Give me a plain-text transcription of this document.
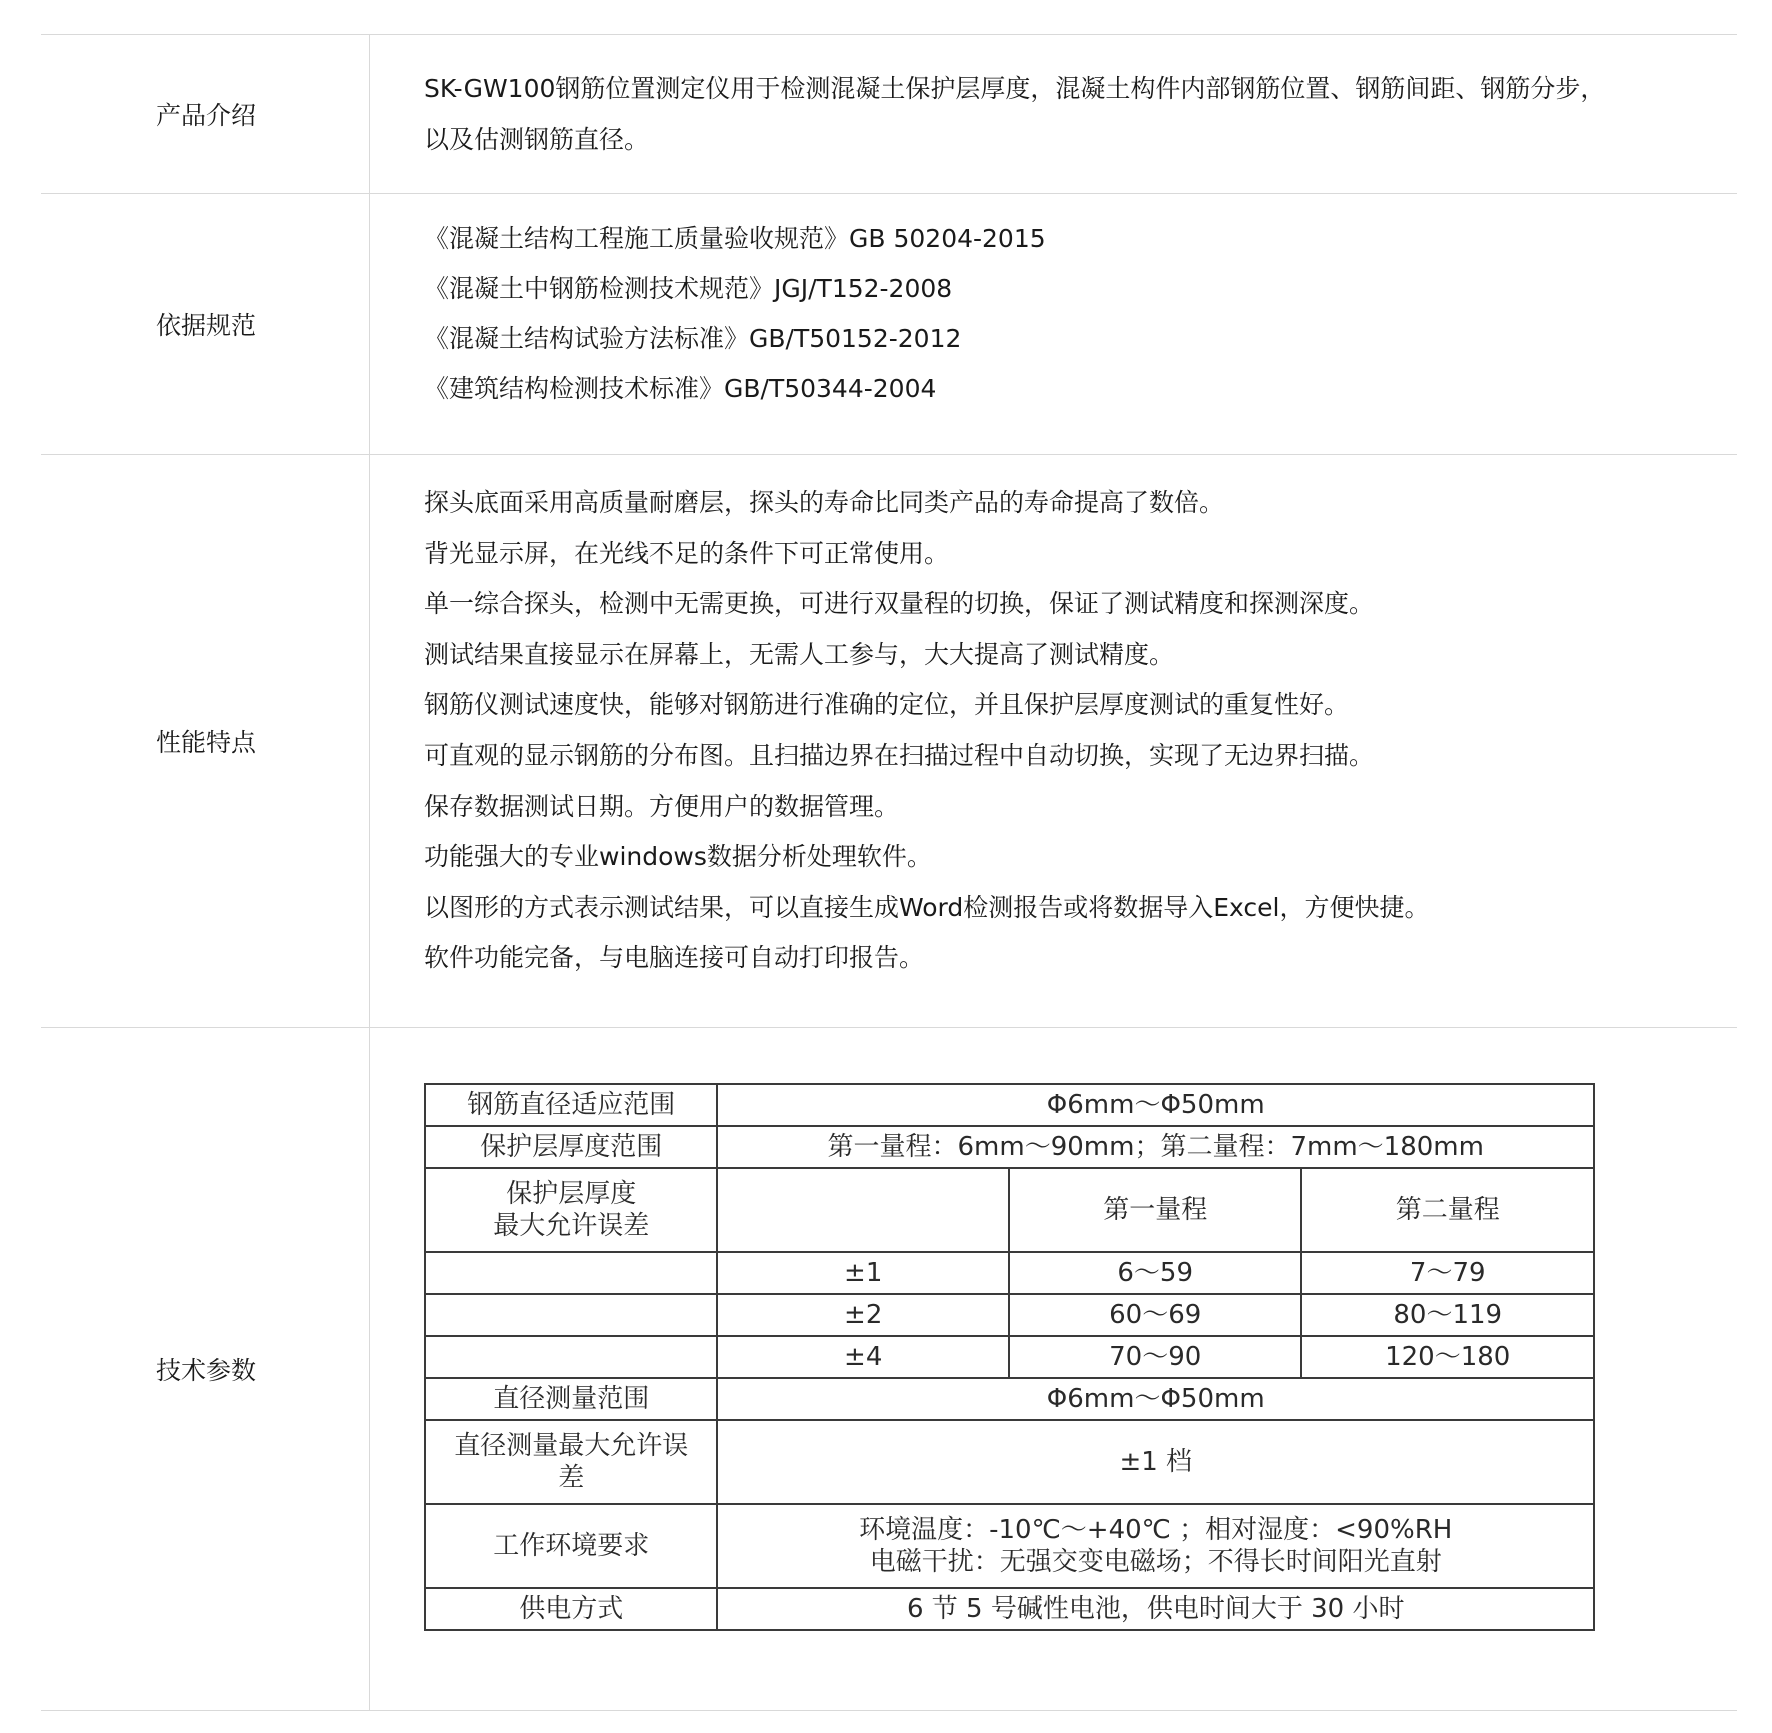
产品介绍
SK-GW100钢筋位置测定仪用于检测混凝土保护层厚度，混凝土构件内部钢筋位置、钢筋间距、钢筋分步，
以及估测钢筋直径。
依据规范
《混凝土结构工程施工质量验收规范》GB 50204-2015
《混凝土中钢筋检测技术规范》JGJ/T152-2008
《混凝土结构试验方法标准》GB/T50152-2012
《建筑结构检测技术标准》GB/T50344-2004
性能特点
探头底面采用高质量耐磨层，探头的寿命比同类产品的寿命提高了数倍。
背光显示屏，在光线不足的条件下可正常使用。
单一综合探头，检测中无需更换，可进行双量程的切换，保证了测试精度和探测深度。
测试结果直接显示在屏幕上，无需人工参与，大大提高了测试精度。
钢筋仪测试速度快，能够对钢筋进行准确的定位，并且保护层厚度测试的重复性好。
可直观的显示钢筋的分布图。且扫描边界在扫描过程中自动切换，实现了无边界扫描。
保存数据测试日期。方便用户的数据管理。
功能强大的专业windows数据分析处理软件。
以图形的方式表示测试结果，可以直接生成Word检测报告或将数据导入Excel，方便快捷。
软件功能完备，与电脑连接可自动打印报告。
技术参数
钢筋直径适应范围	Φ6mm～Φ50mm		
保护层厚度范围	第一量程：6mm～90mm；第二量程：7mm～180mm		

保护层厚度
最大允许误差		第一量程	第二量程
	±1	6～59	7～79
	±2	60～69	80～119
	±4	70～90	120～180
直径测量范围	Φ6mm～Φ50mm		

直径测量最大允许误
差	±1 档		
工作环境要求	环境温度：-10℃～+40℃ ；相对湿度：<90%RH
电磁干扰：无强交变电磁场；不得长时间阳光直射		

供电方式	6 节 5 号碱性电池，供电时间大于 30 小时		
